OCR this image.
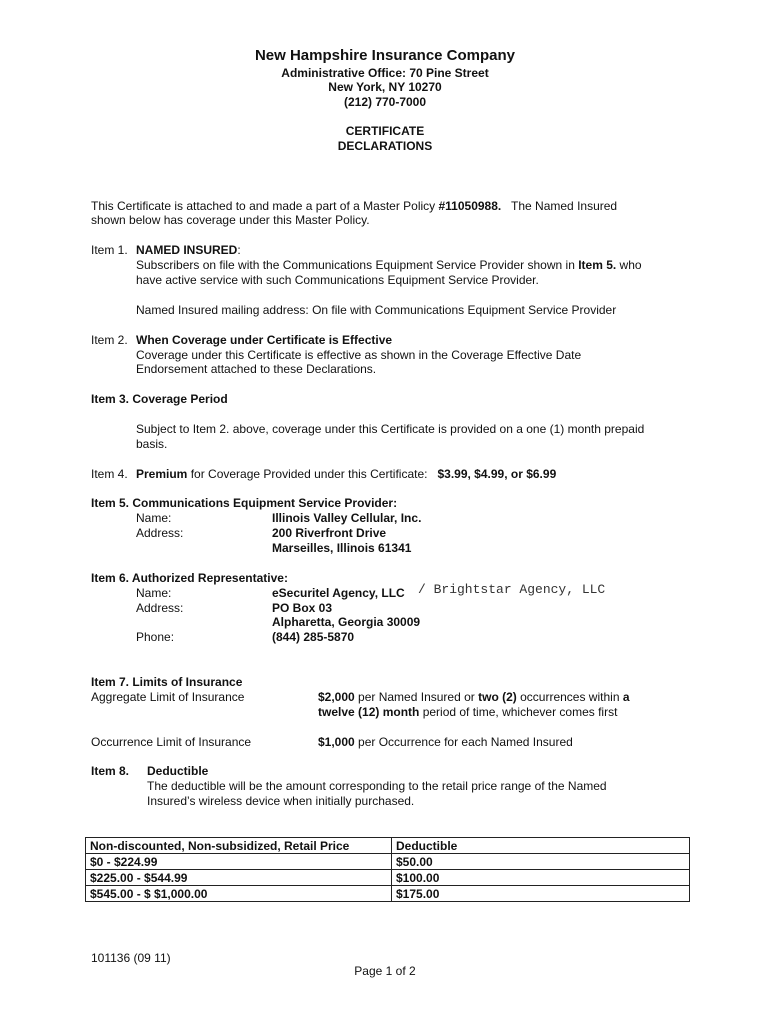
New Hampshire Insurance Company
Administrative Office: 70 Pine Street
New York, NY 10270
(212) 770-7000
CERTIFICATE
DECLARATIONS
This Certificate is attached to and made a part of a Master Policy #11050988.   The Named Insured
shown below has coverage under this Master Policy.
Item 1. NAMED INSURED:
Subscribers on file with the Communications Equipment Service Provider shown in Item 5. who
have active service with such Communications Equipment Service Provider.
Named Insured mailing address: On file with Communications Equipment Service Provider
Item 2. When Coverage under Certificate is Effective
Coverage under this Certificate is effective as shown in the Coverage Effective Date
Endorsement attached to these Declarations.
Item 3. Coverage Period
Subject to Item 2. above, coverage under this Certificate is provided on a one (1) month prepaid
basis.
Item 4. Premium for Coverage Provided under this Certificate:   $3.99, $4.99, or $6.99
Item 5. Communications Equipment Service Provider:
Name:	Illinois Valley Cellular, Inc.
Address:	200 Riverfront Drive
Marseilles, Illinois 61341
Item 6. Authorized Representative:
Name:	eSecuritel Agency, LLC / Brightstar Agency, LLC
Address:	PO Box 03
Alpharetta, Georgia 30009
Phone:	(844) 285-5870
Item 7. Limits of Insurance
Aggregate Limit of Insurance	$2,000 per Named Insured or two (2) occurrences within a
twelve (12) month period of time, whichever comes first
Occurrence Limit of Insurance	$1,000 per Occurrence for each Named Insured
Item 8. Deductible
The deductible will be the amount corresponding to the retail price range of the Named
Insured’s wireless device when initially purchased.
Non-discounted, Non-subsidized, Retail Price	Deductible
$0 - $224.99	$50.00
$225.00 - $544.99	$100.00
$545.00 - $ $1,000.00	$175.00
101136 (09 11)
Page 1 of 2
